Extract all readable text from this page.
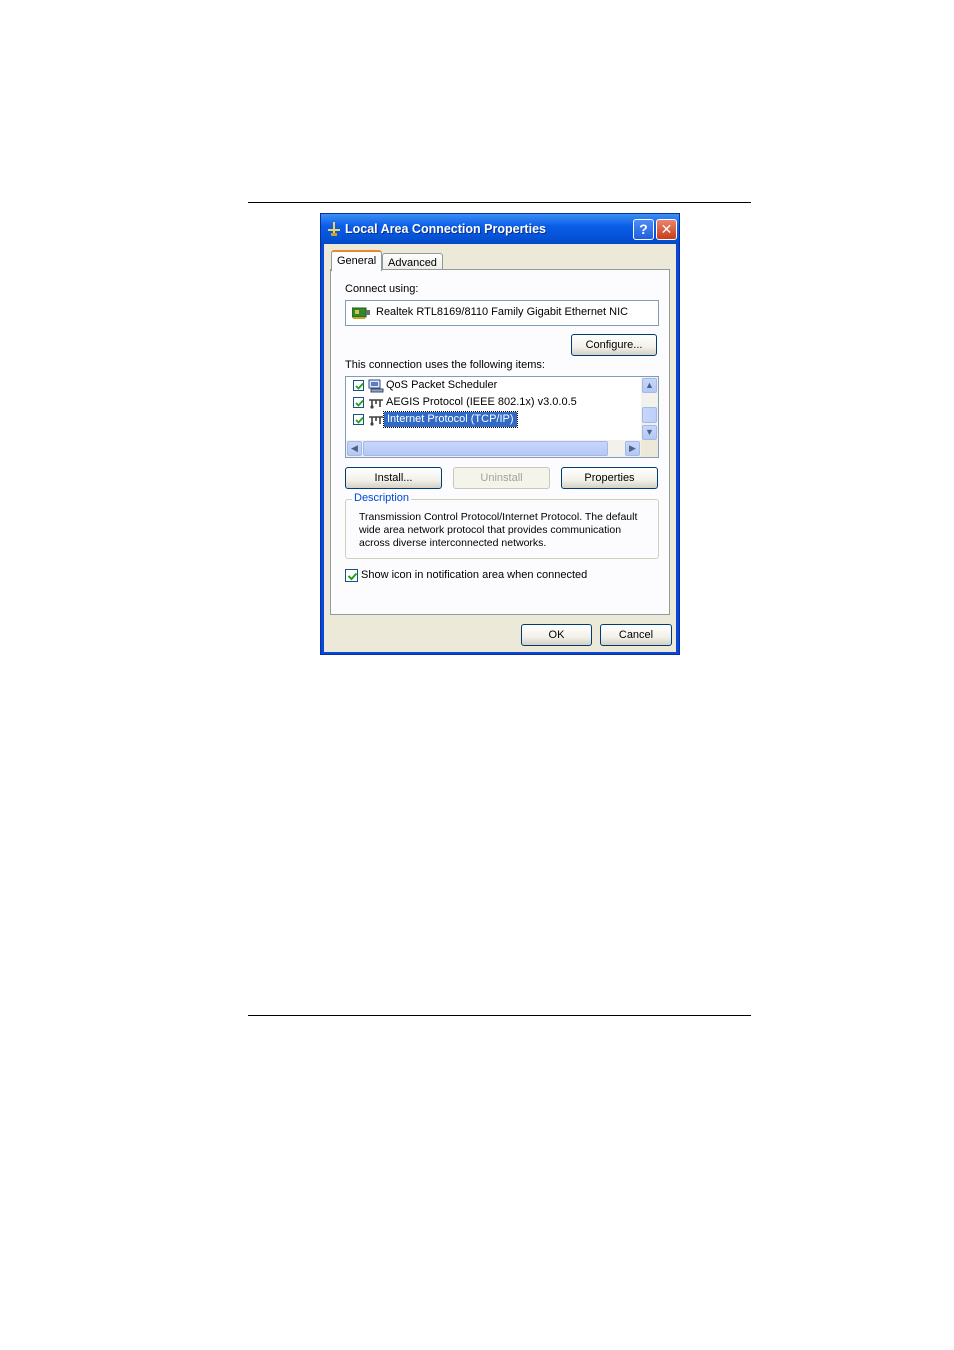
Local Area Connection Properties	? ✕
General	Advanced
Connect using:
Realtek RTL8169/8110 Family Gigabit Ethernet NIC
Configure...
This connection uses the following items:
QoS Packet Scheduler
AEGIS Protocol (IEEE 802.1x) v3.0.0.5
Internet Protocol (TCP/IP)
▲
▼
◀	▶
Install...	Uninstall	Properties
Description
Transmission Control Protocol/Internet Protocol. The default wide area network protocol that provides communication across diverse interconnected networks.
Show icon in notification area when connected
OK	Cancel
